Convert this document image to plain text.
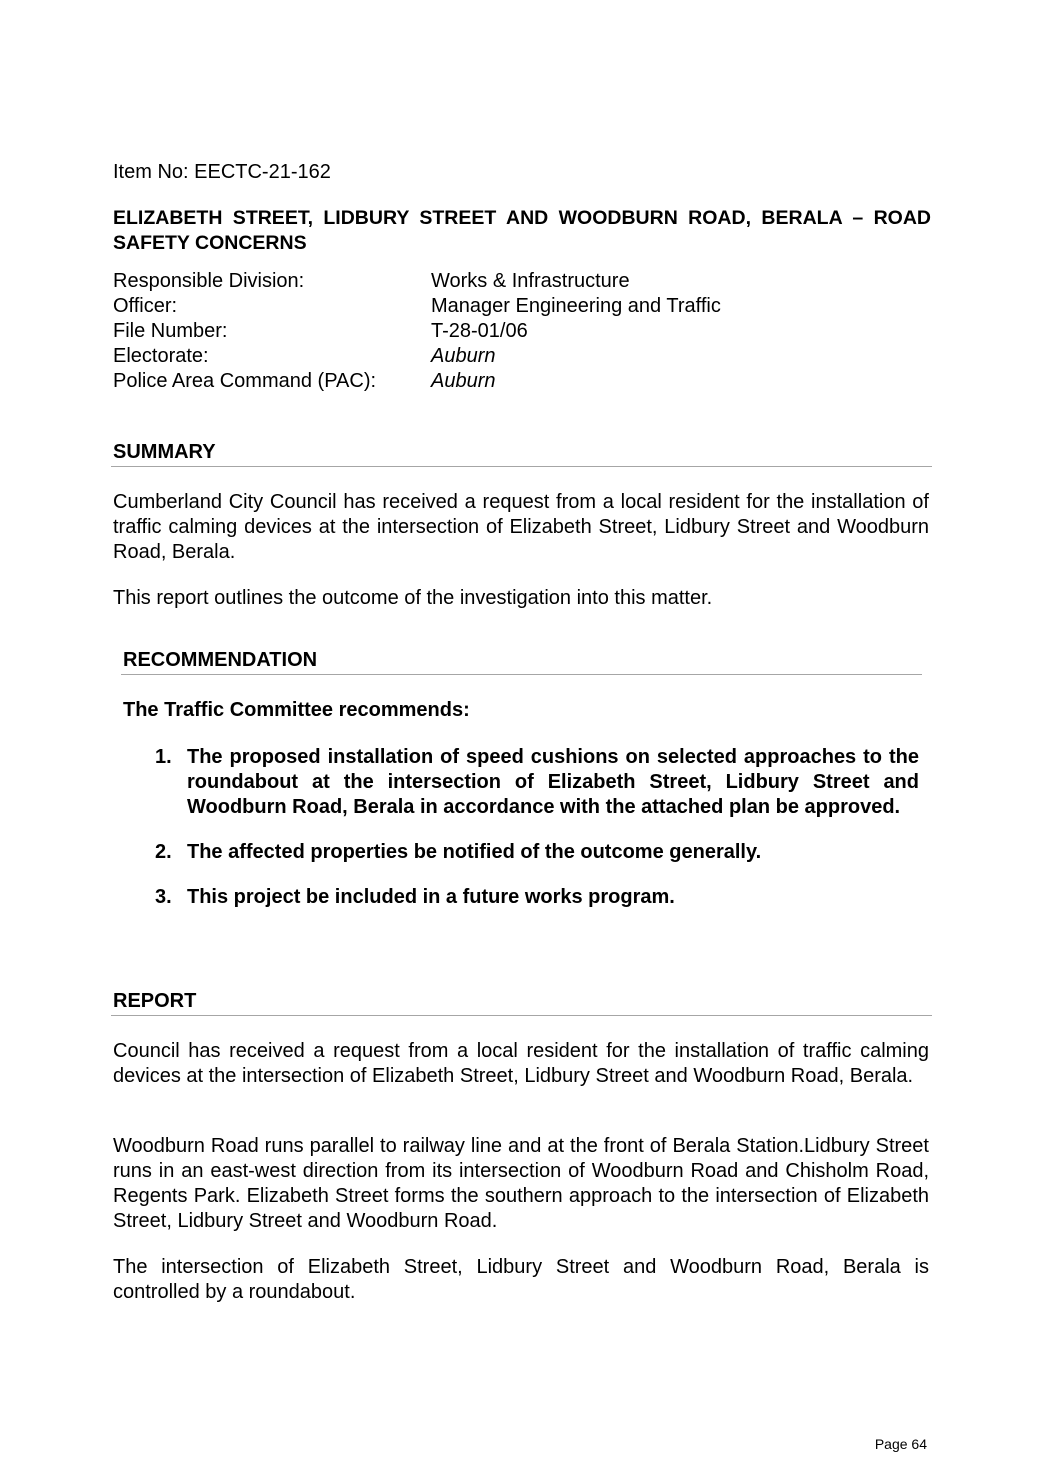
Item No: EECTC-21-162
ELIZABETH STREET, LIDBURY STREET AND WOODBURN ROAD, BERALA – ROAD SAFETY CONCERNS
Responsible Division:	Works & Infrastructure
Officer:	Manager Engineering and Traffic
File Number:	T-28-01/06
Electorate:	Auburn
Police Area Command (PAC):	Auburn
SUMMARY
Cumberland City Council has received a request from a local resident for the installation of traffic calming devices at the intersection of Elizabeth Street, Lidbury Street and Woodburn Road, Berala.
This report outlines the outcome of the investigation into this matter.
RECOMMENDATION
The Traffic Committee recommends:
1. The proposed installation of speed cushions on selected approaches to the roundabout at the intersection of Elizabeth Street, Lidbury Street and Woodburn Road, Berala in accordance with the attached plan be approved.
2. The affected properties be notified of the outcome generally.
3. This project be included in a future works program.
REPORT
Council has received a request from a local resident for the installation of traffic calming devices at the intersection of Elizabeth Street, Lidbury Street and Woodburn Road, Berala.
Woodburn Road runs parallel to railway line and at the front of Berala Station.Lidbury Street runs in an east-west direction from its intersection of Woodburn Road and Chisholm Road, Regents Park. Elizabeth Street forms the southern approach to the intersection of Elizabeth Street, Lidbury Street and Woodburn Road.
The intersection of Elizabeth Street, Lidbury Street and Woodburn Road, Berala is controlled by a roundabout.
Page 64
